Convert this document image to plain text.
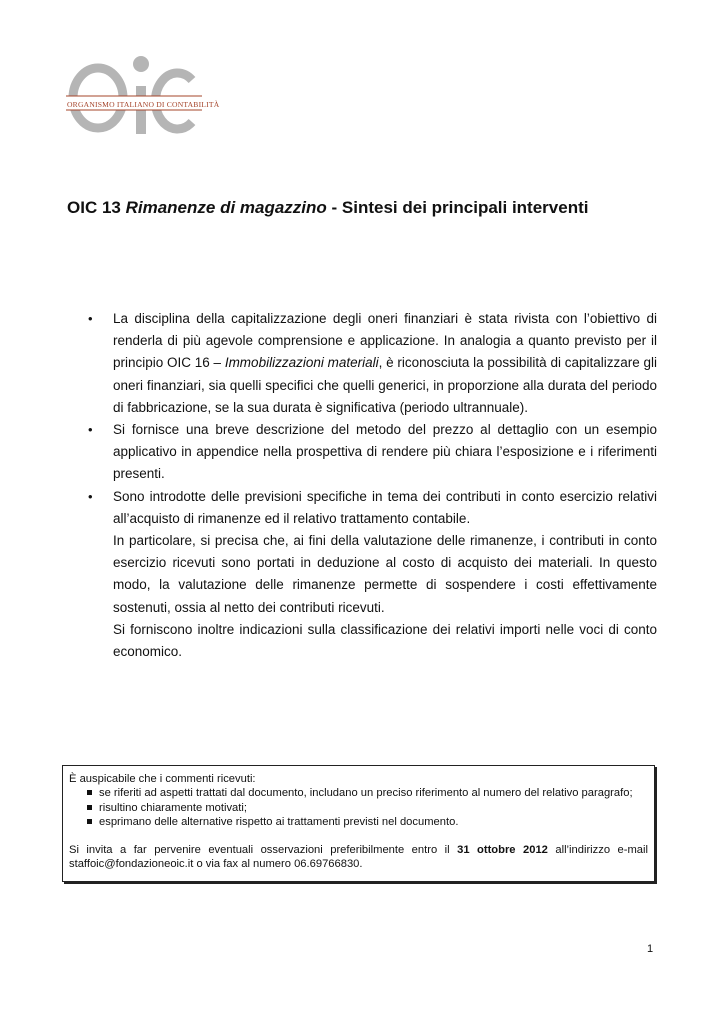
ORGANISMO ITALIANO DI CONTABILITÀ
OIC 13 Rimanenze di magazzino - Sintesi dei principali interventi
• La disciplina della capitalizzazione degli oneri finanziari è stata rivista con l’obiettivo di renderla di più agevole comprensione e applicazione. In analogia a quanto previsto per il principio OIC 16 – Immobilizzazioni materiali, è riconosciuta la possibilità di capitalizzare gli oneri finanziari, sia quelli specifici che quelli generici, in proporzione alla durata del periodo di fabbricazione, se la sua durata è significativa (periodo ultrannuale).
• Si fornisce una breve descrizione del metodo del prezzo al dettaglio con un esempio applicativo in appendice nella prospettiva di rendere più chiara l’esposizione e i riferimenti presenti.
• Sono introdotte delle previsioni specifiche in tema dei contributi in conto esercizio relativi all’acquisto di rimanenze ed il relativo trattamento contabile.

In particolare, si precisa che, ai fini della valutazione delle rimanenze, i contributi in conto esercizio ricevuti sono portati in deduzione al costo di acquisto dei materiali. In questo modo, la valutazione delle rimanenze permette di sospendere i costi effettivamente sostenuti, ossia al netto dei contributi ricevuti.

Si forniscono inoltre indicazioni sulla classificazione dei relativi importi nelle voci di conto economico.

È auspicabile che i commenti ricevuti:
se riferiti ad aspetti trattati dal documento, includano un preciso riferimento al numero del relativo paragrafo;
risultino chiaramente motivati;
esprimano delle alternative rispetto ai trattamenti previsti nel documento.

Si invita a far pervenire eventuali osservazioni preferibilmente entro il 31 ottobre 2012 all’indirizzo e-mail staffoic@fondazioneoic.it o via fax al numero 06.69766830.

1
